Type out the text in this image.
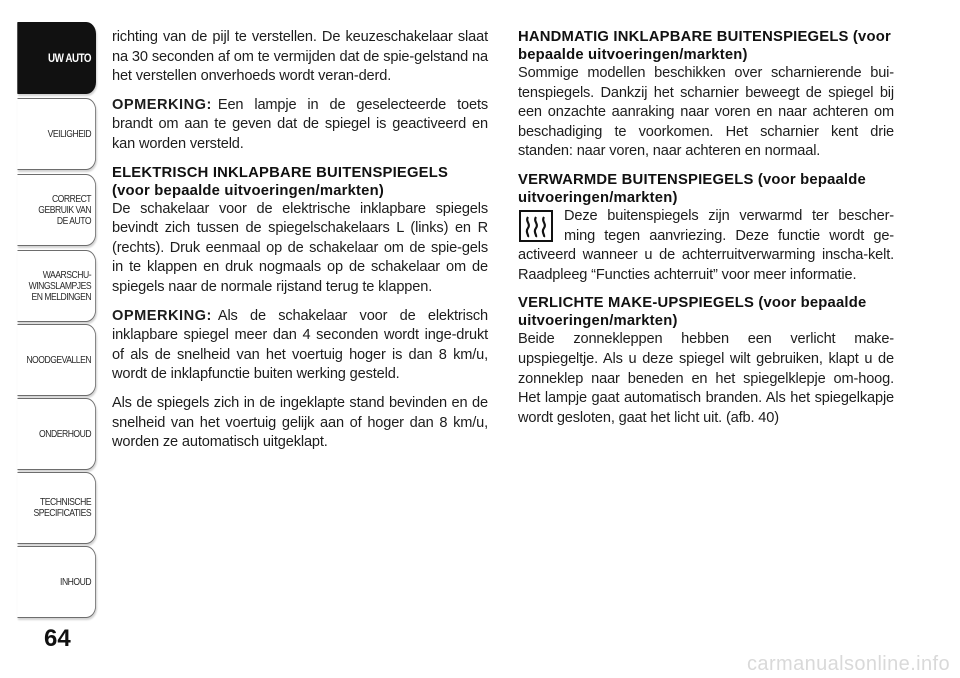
UW AUTO
VEILIGHEID
CORRECT
GEBRUIK VAN
DE AUTO
WAARSCHU-
WINGSLAMPJES
EN MELDINGEN
NOODGEVALLEN
ONDERHOUD
TECHNISCHE
SPECIFICATIES
INHOUD
64

richting van de pijl te verstellen. De keuzeschakelaar slaat na 30 seconden af om te vermijden dat de spie-gelstand na het verstellen onverhoeds wordt veran-derd.

OPMERKING: Een lampje in de geselecteerde toets brandt om aan te geven dat de spiegel is geactiveerd en kan worden versteld.

ELEKTRISCH INKLAPBARE BUITENSPIEGELS (voor bepaalde uitvoeringen/markten)

De schakelaar voor de elektrische inklapbare spiegels bevindt zich tussen de spiegelschakelaars L (links) en R (rechts). Druk eenmaal op de schakelaar om de spie-gels in te klappen en druk nogmaals op de schakelaar om de spiegels naar de normale rijstand terug te klappen.

OPMERKING: Als de schakelaar voor de elektrisch inklapbare spiegel meer dan 4 seconden wordt inge-drukt of als de snelheid van het voertuig hoger is dan 8 km/u, wordt de inklapfunctie buiten werking gesteld.

Als de spiegels zich in de ingeklapte stand bevinden en de snelheid van het voertuig gelijk aan of hoger dan 8 km/u, worden ze automatisch uitgeklapt.

HANDMATIG INKLAPBARE BUITENSPIEGELS (voor bepaalde uitvoeringen/markten)

Sommige modellen beschikken over scharnierende bui-tenspiegels. Dankzij het scharnier beweegt de spiegel bij een onzachte aanraking naar voren en naar achteren om beschadiging te voorkomen. Het scharnier kent drie standen: naar voren, naar achteren en normaal.

VERWARMDE BUITENSPIEGELS (voor bepaalde uitvoeringen/markten)

Deze buitenspiegels zijn verwarmd ter bescher-ming tegen aanvriezing. Deze functie wordt ge-activeerd wanneer u de achterruitverwarming inscha-kelt. Raadpleeg “Functies achterruit” voor meer informatie.

VERLICHTE MAKE-UPSPIEGELS (voor bepaalde uitvoeringen/markten)

Beide zonnekleppen hebben een verlicht make-upspiegeltje. Als u deze spiegel wilt gebruiken, klapt u de zonneklep naar beneden en het spiegelklepje om-hoog. Het lampje gaat automatisch branden. Als het spiegelkapje wordt gesloten, gaat het licht uit. (afb. 40)

carmanualsonline.info
